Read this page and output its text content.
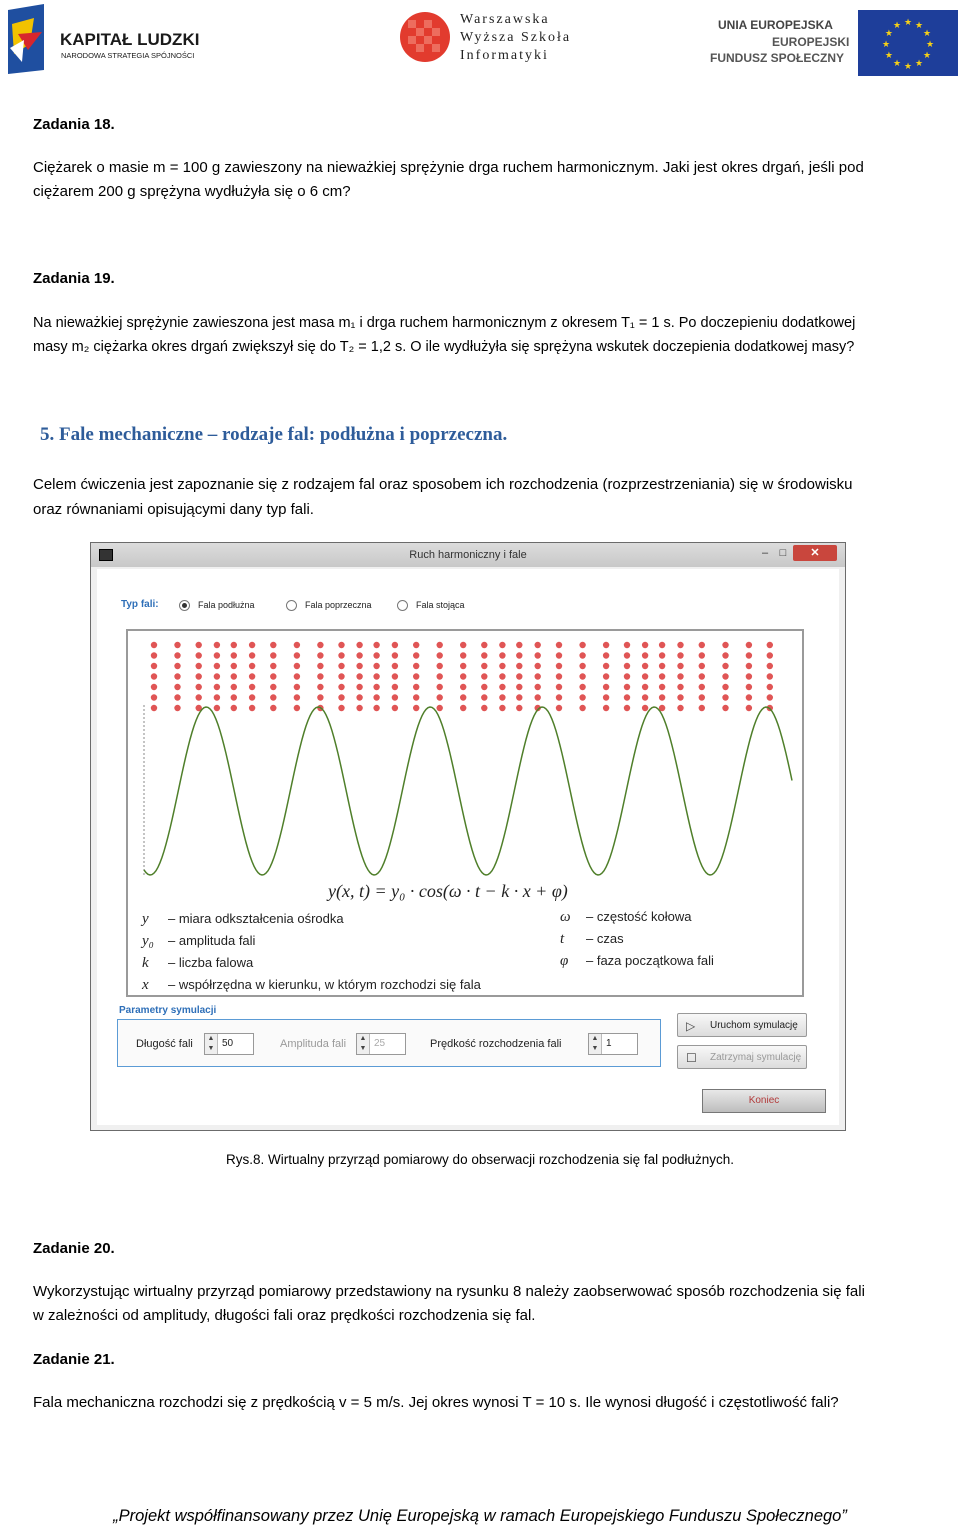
KAPITAŁ LUDZKI
NARODOWA STRATEGIA SPÓJNOŚCI
Warszawska
Wyższa Szkoła
Informatyki
UNIA EUROPEJSKA
EUROPEJSKI
FUNDUSZ SPOŁECZNY
★
★
★
★
★
★
★
★
★ ★ ★
★
Zadania 18.
Ciężarek o masie m = 100 g zawieszony na nieważkiej sprężynie drga ruchem harmonicznym. Jaki jest okres drgań, jeśli pod
ciężarem 200 g sprężyna wydłużyła się o 6 cm?
Zadania 19.
Na nieważkiej sprężynie zawieszona jest masa m₁ i drga ruchem harmonicznym z okresem T₁ = 1 s. Po doczepieniu dodatkowej
masy m₂ ciężarka okres drgań zwiększył się do T₂ = 1,2 s. O ile wydłużyła się sprężyna wskutek doczepienia dodatkowej masy?
5. Fale mechaniczne – rodzaje fal: podłużna i poprzeczna.
Celem ćwiczenia jest zapoznanie się z rodzajem fal oraz sposobem ich rozchodzenia (rozprzestrzeniania) się w środowisku
oraz równaniami opisującymi dany typ fali.
Ruch harmoniczny i fale	–	□	✕
Typ fali:	Fala podłużna	Fala poprzeczna	Fala stojąca
y(x, t) = y₀ · cos(ω · t − k · x + φ)
y – miara odkształcenia ośrodka
y₀ – amplituda fali
k – liczba falowa
x – współrzędna w kierunku, w którym rozchodzi się fala
ω – częstość kołowa
t – czas
φ – faza początkowa fali
Parametry symulacji
Długość fali	▲
▼ 50	Amplituda fali	▲
▼ 25	Prędkość rozchodzenia fali	▲
▼ 1
▷ Uruchom symulację
☐ Zatrzymaj symulację
Koniec
Rys.8. Wirtualny przyrząd pomiarowy do obserwacji rozchodzenia się fal podłużnych.
Zadanie 20.
Wykorzystując wirtualny przyrząd pomiarowy przedstawiony na rysunku 8 należy zaobserwować sposób rozchodzenia się fali
w zależności od amplitudy, długości fali oraz prędkości rozchodzenia się fal.
Zadanie 21.
Fala mechaniczna rozchodzi się z prędkością v = 5 m/s. Jej okres wynosi T = 10 s. Ile wynosi długość i częstotliwość fali?
„Projekt współfinansowany przez Unię Europejską w ramach Europejskiego Funduszu Społecznego”
